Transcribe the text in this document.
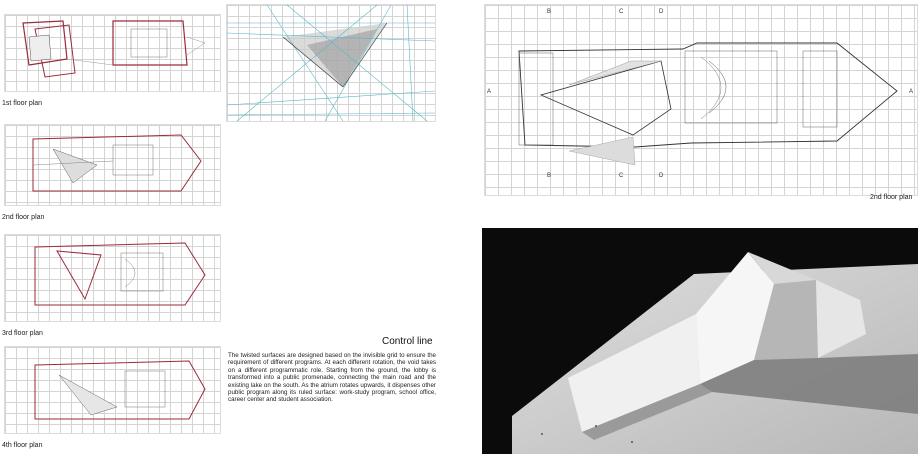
1st floor plan
2nd floor plan
3rd floor plan
4th floor plan
Control line
The twisted surfaces are designed based on the invisible grid to ensure the requirement of different programs. At each different rotation, the void takes on a different programmatic role. Starting from the ground, the lobby is transformed into a public promenade, connecting the main road and the existing lake on the south. As the atrium rotates upwards, it dispenses other public program along its ruled surface: work-study program, school office, career center and student association.
A	A
B	C	D
B	C	D
2nd floor plan
